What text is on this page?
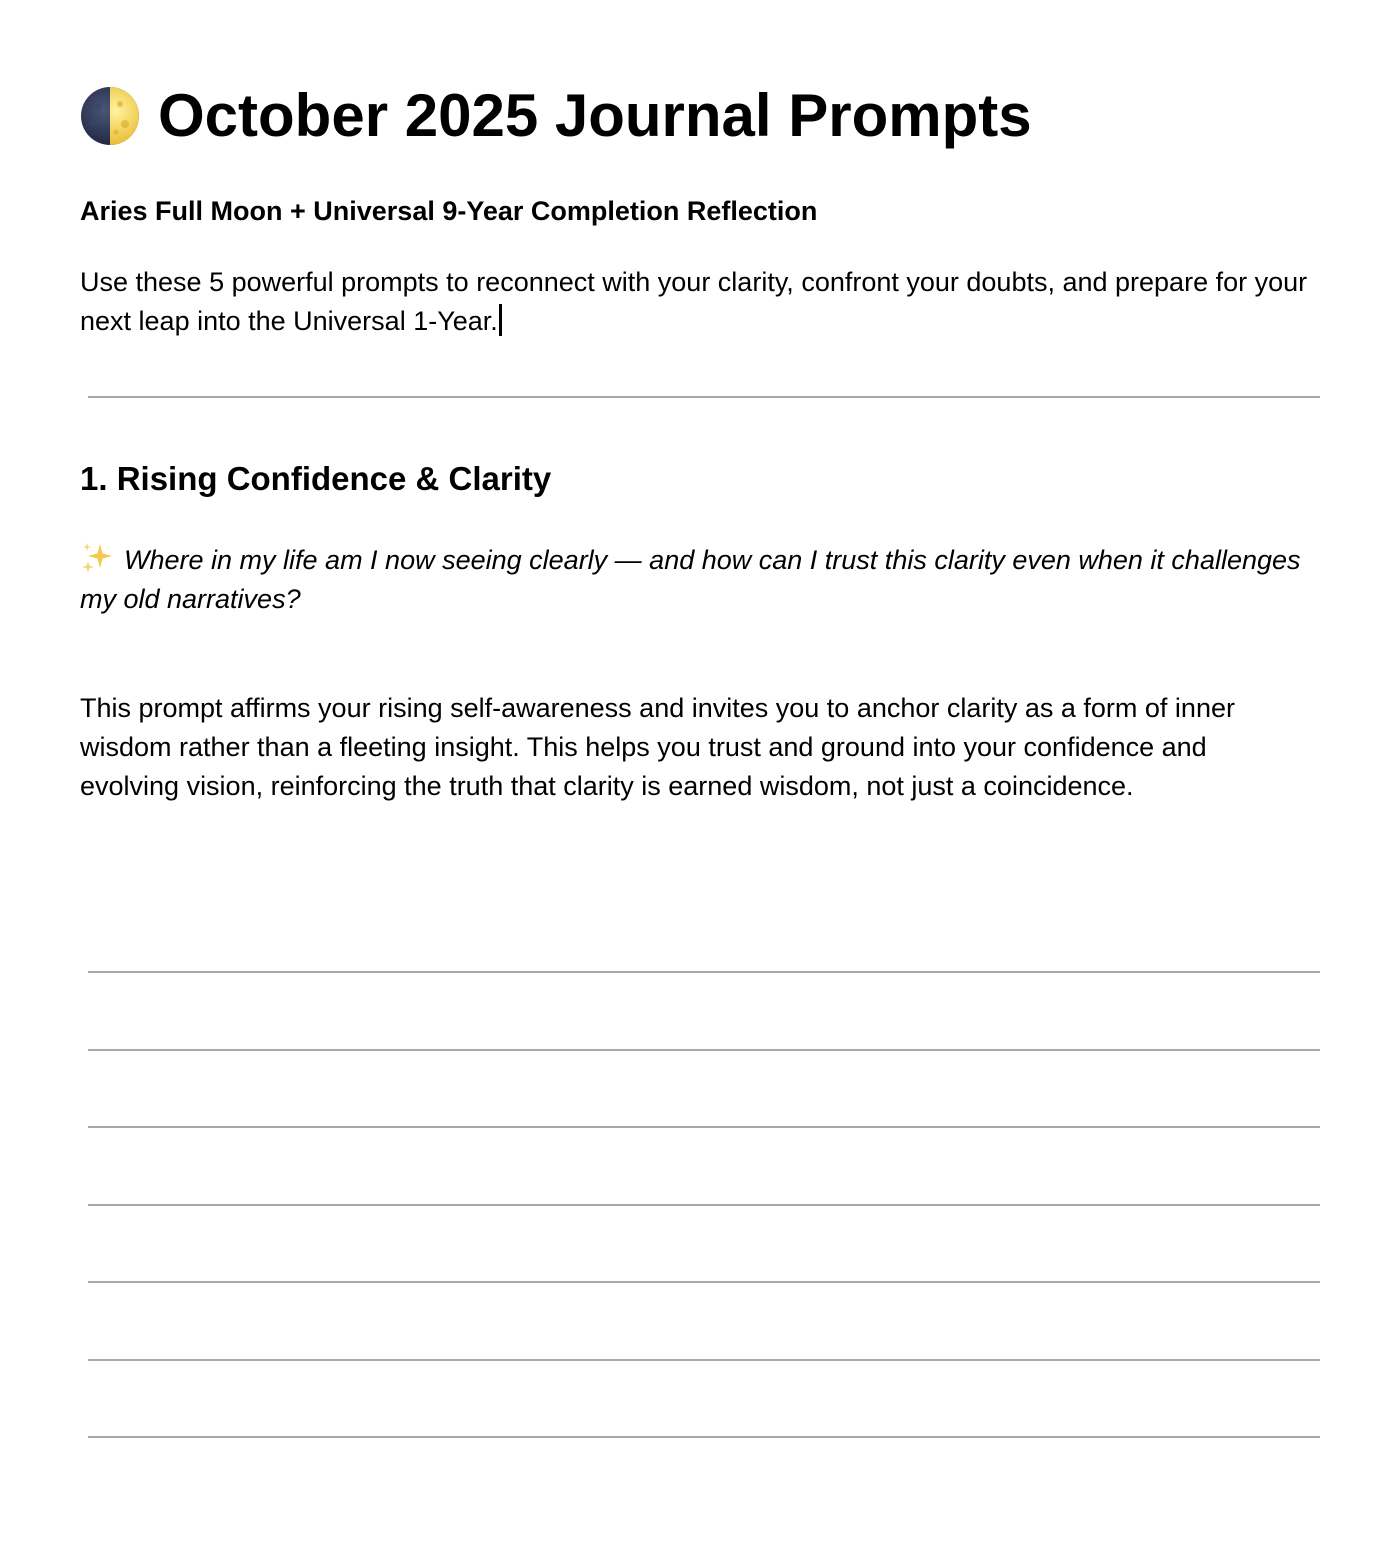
October 2025 Journal Prompts
Aries Full Moon + Universal 9-Year Completion Reflection
Use these 5 powerful prompts to reconnect with your clarity, confront your doubts, and prepare for your next leap into the Universal 1-Year.
1. Rising Confidence & Clarity
Where in my life am I now seeing clearly — and how can I trust this clarity even when it challenges my old narratives?
This prompt affirms your rising self-awareness and invites you to anchor clarity as a form of inner wisdom rather than a fleeting insight. This helps you trust and ground into your confidence and evolving vision, reinforcing the truth that clarity is earned wisdom, not just a coincidence.
